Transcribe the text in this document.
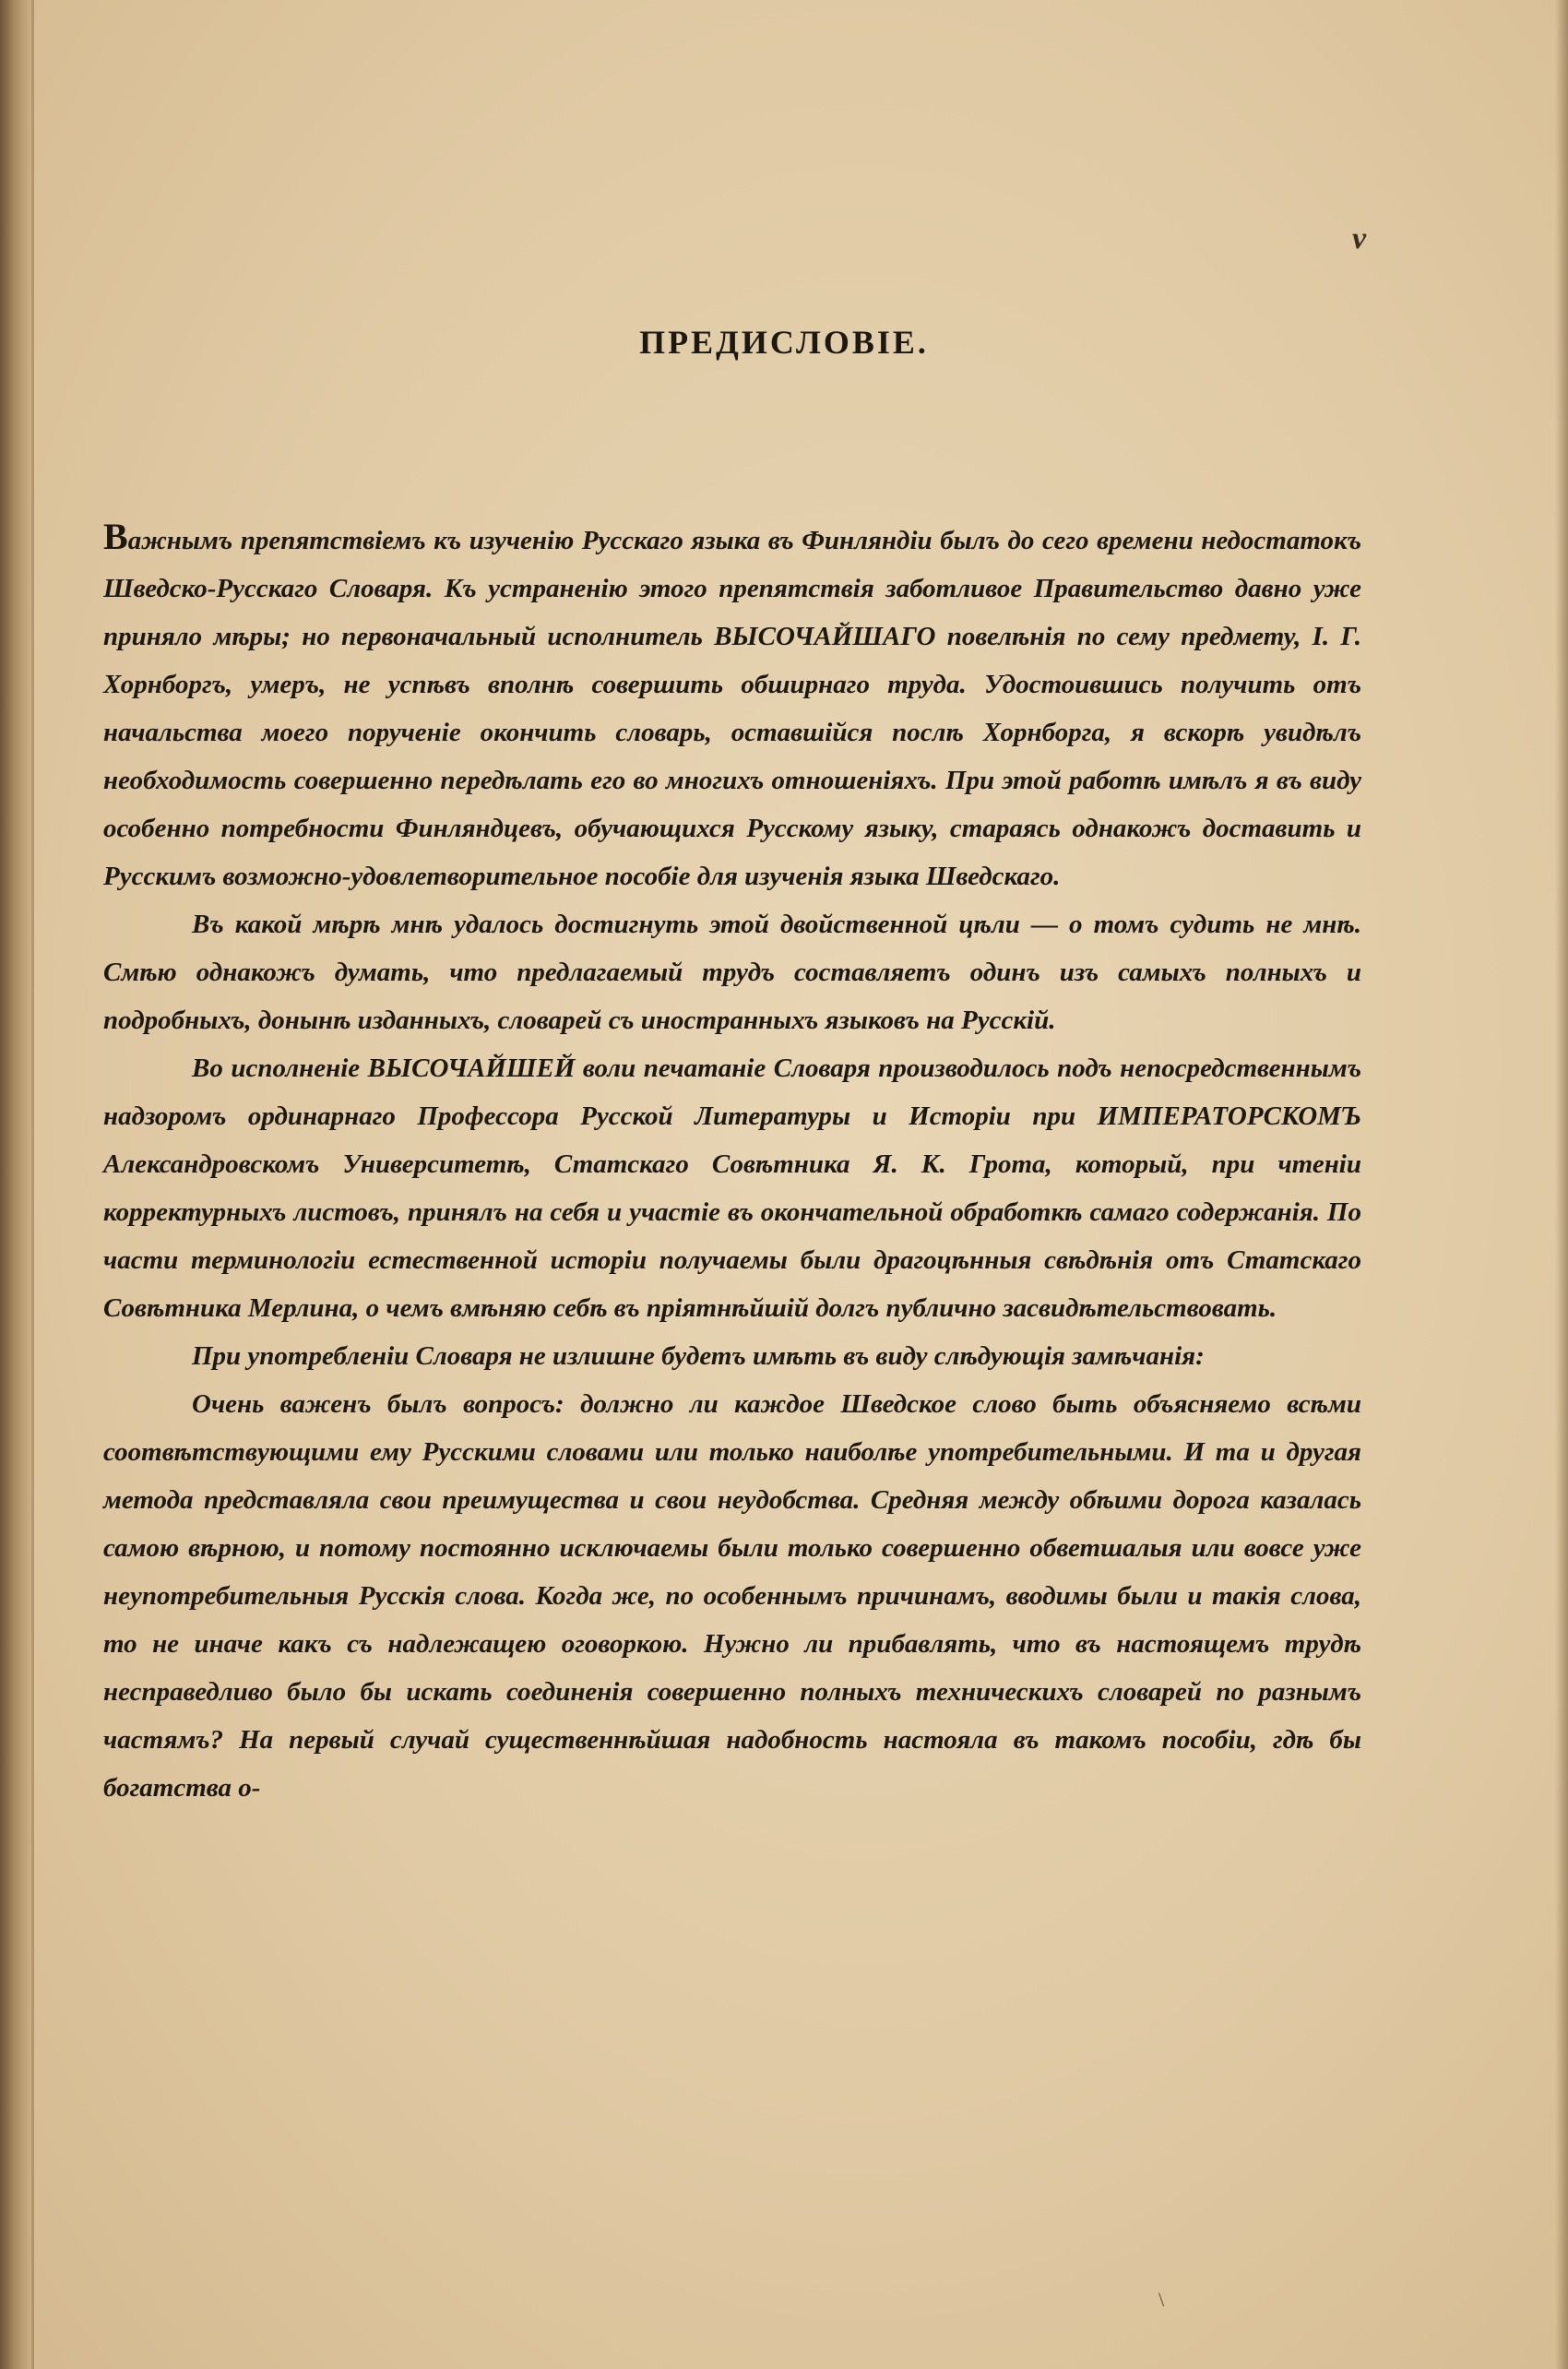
v
ПРЕДИСЛОВІЕ.

Важнымъ препятствіемъ къ изученію Русскаго языка въ Финляндіи былъ до сего времени недостатокъ Шведско-Русскаго Словаря. Къ устраненію этого препятствія заботливое Правительство давно уже приняло мѣры; но первоначальный исполнитель ВЫСОЧАЙШАГО повелѣнія по сему предмету, І. Г. Хорнборгъ, умеръ, не успѣвъ вполнѣ совершить обширнаго труда. Удостоившись получить отъ начальства моего порученіе окончить словарь, оставшійся послѣ Хорнборга, я вскорѣ увидѣлъ необходимость совершенно передѣлать его во многихъ отношеніяхъ. При этой работѣ имѣлъ я въ виду особенно потребности Финляндцевъ, обучающихся Русскому языку, стараясь однакожъ доставить и Русскимъ возможно-удовлетворительное пособіе для изученія языка Шведскаго.

Въ какой мѣрѣ мнѣ удалось достигнуть этой двойственной цѣли — о томъ судить не мнѣ. Смѣю однакожъ думать, что предлагаемый трудъ составляетъ одинъ изъ самыхъ полныхъ и подробныхъ, донынѣ изданныхъ, словарей съ иностранныхъ языковъ на Русскій.

Во исполненіе ВЫСОЧАЙШЕЙ воли печатаніе Словаря производилось подъ непосредственнымъ надзоромъ ординарнаго Профессора Русской Литературы и Исторіи при ИМПЕРАТОРСКОМЪ Александровскомъ Университетѣ, Статскаго Совѣтника Я. К. Грота, который, при чтеніи корректурныхъ листовъ, принялъ на себя и участіе въ окончательной обработкѣ самаго содержанія. По части терминологіи естественной исторіи получаемы были драгоцѣнныя свѣдѣнія отъ Статскаго Совѣтника Мерлина, о чемъ вмѣняю себѣ въ пріятнѣйшій долгъ публично засвидѣтельствовать.

При употребленіи Словаря не излишне будетъ имѣть въ виду слѣдующія замѣчанія:

Очень важенъ былъ вопросъ: должно ли каждое Шведское слово быть объясняемо всѣми соотвѣтствующими ему Русскими словами или только наиболѣе употребительными. И та и другая метода представляла свои преимущества и свои неудобства. Средняя между обѣими дорога казалась самою вѣрною, и потому постоянно исключаемы были только совершенно обветшалыя или вовсе уже неупотребительныя Русскія слова. Когда же, по особеннымъ причинамъ, вводимы были и такія слова, то не иначе какъ съ надлежащею оговоркою. Нужно ли прибавлять, что въ настоящемъ трудѣ несправедливо было бы искать соединенія совершенно полныхъ техническихъ словарей по разнымъ частямъ? На первый случай существеннѣйшая надобность настояла въ такомъ пособіи, гдѣ бы богатства о-

\
